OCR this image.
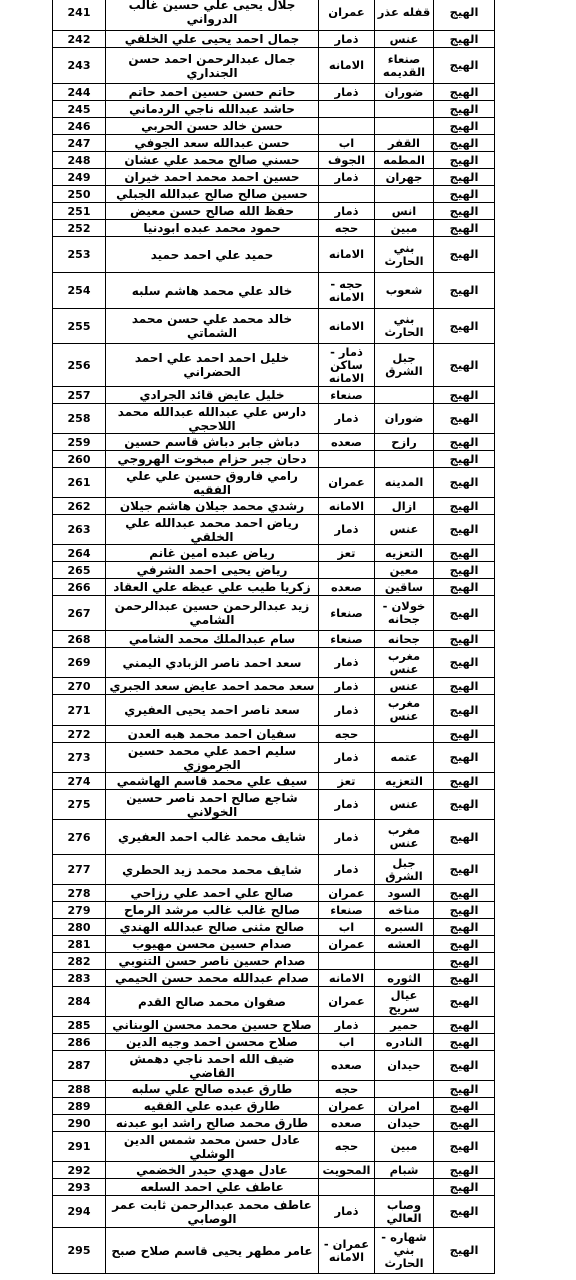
241	جلال يحيى علي حسين غالب الدرواني	عمران	قفله عذر	الهيج
242	جمال احمد يحيى علي الخلقي	ذمار	عنس	الهيج
243	جمال عبدالرحمن احمد حسن الجنداري	الامانه	صنعاء القديمه	الهيج
244	حاتم حسن حسين احمد حاتم	ذمار	ضوران	الهيج
245	حاشد عبدالله ناجي الردماني			الهيج
246	حسن خالد حسن الحربي			الهيج
247	حسن عبدالله سعد الجوفي	اب	القفر	الهيج
248	حسني صالح محمد علي عشان	الجوف	المطمه	الهيج
249	حسين احمد محمد احمد خيران	ذمار	جهران	الهيج
250	حسين صالح صالح عبدالله الجبلي			الهيج
251	حفظ الله صالح حسن معيض	ذمار	انس	الهيج
252	حمود محمد عبده ابودنيا	حجه	مبين	الهيج
253	حميد علي احمد حميد	الامانه	بني الحارث	الهيج
254	خالد علي محمد هاشم سلبه	حجه - الامانه	شعوب	الهيج
255	خالد محمد علي حسن محمد الشماتي	الامانه	بني الحارث	الهيج
256	خليل احمد احمد علي احمد الحضراني	ذمار - ساكن الامانه	جبل الشرق	الهيج
257	خليل عايض قائد الجرادي	صنعاء		الهيج
258	دارس علي عبدالله عبدالله محمد اللاحجي	ذمار	ضوران	الهيج
259	دباش جابر دباش قاسم حسين	صعده	رازح	الهيج
260	دحان جبر حزام مبخوت الهروجي			الهيج
261	رامي فاروق حسين علي علي الفقيه	عمران	المدينه	الهيج
262	رشدي محمد جيلان هاشم جيلان	الامانه	ازال	الهيج
263	رياض احمد محمد عبدالله علي الخلقي	ذمار	عنس	الهيج
264	رياض عبده امين غانم	تعز	التعزيه	الهيج
265	رياض يحيى احمد الشرفي		معين	الهيج
266	زكريا طيب علي عيظه علي العقاد	صعده	ساقين	الهيج
267	زيد عبدالرحمن حسين عبدالرحمن الشامي	صنعاء	خولان - جحانه	الهيج
268	سام عبدالملك محمد الشامي	صنعاء	جحانه	الهيج
269	سعد احمد ناصر الزبادي اليمني	ذمار	مغرب عنس	الهيج
270	سعد محمد احمد عايض سعد الجبري	ذمار	عنس	الهيج
271	سعد ناصر احمد يحيى العفيري	ذمار	مغرب عنس	الهيج
272	سفيان احمد محمد هبه العدن	حجه		الهيج
273	سليم احمد علي محمد حسين الجرموزي	ذمار	عتمه	الهيج
274	سيف علي محمد قاسم الهاشمي	تعز	التعزيه	الهيج
275	شاجع صالح احمد ناصر حسين الخولاني	ذمار	عنس	الهيج
276	شايف محمد غالب احمد العفيري	ذمار	مغرب عنس	الهيج
277	شايف محمد محمد زيد الحطري	ذمار	جبل الشرق	الهيج
278	صالح علي احمد علي رزاحي	عمران	السود	الهيج
279	صالح غالب غالب مرشد الرماح	صنعاء	مناخه	الهيج
280	صالح مثنى صالح عبدالله الهندي	اب	السبره	الهيج
281	صدام حسين محسن مهيوب	عمران	العشه	الهيج
282	صدام حسين ناصر حسن التنوبي			الهيج
283	صدام عبدالله محمد حسن الحيمي	الامانه	الثوره	الهيج
284	صفوان محمد صالح القدم	عمران	عيال سريح	الهيج
285	صلاح حسين محمد محسن الوبناني	ذمار	حمير	الهيج
286	صلاح محسن احمد وجيه الدين	اب	النادره	الهيج
287	ضيف الله احمد ناجي دهمش القاضي	صعده	حيدان	الهيج
288	طارق عبده صالح علي سلبه	حجه		الهيج
289	طارق عبده علي الفقيه	عمران	امران	الهيج
290	طارق محمد صالح راشد ابو عبدنه	صعده	حيدان	الهيج
291	عادل حسن محمد شمس الدين الوشلي	حجه	مبين	الهيج
292	عادل مهدي حيدر الخضمي	المحويت	شبام	الهيج
293	عاطف علي احمد السلعه			الهيج
294	عاطف محمد عبدالرحمن ثابت عمر الوصابي	ذمار	وصاب العالي	الهيج
295	عامر مطهر يحيى قاسم صلاح صبح	عمران - الامانه	شهاره - بني الحارث	الهيج
